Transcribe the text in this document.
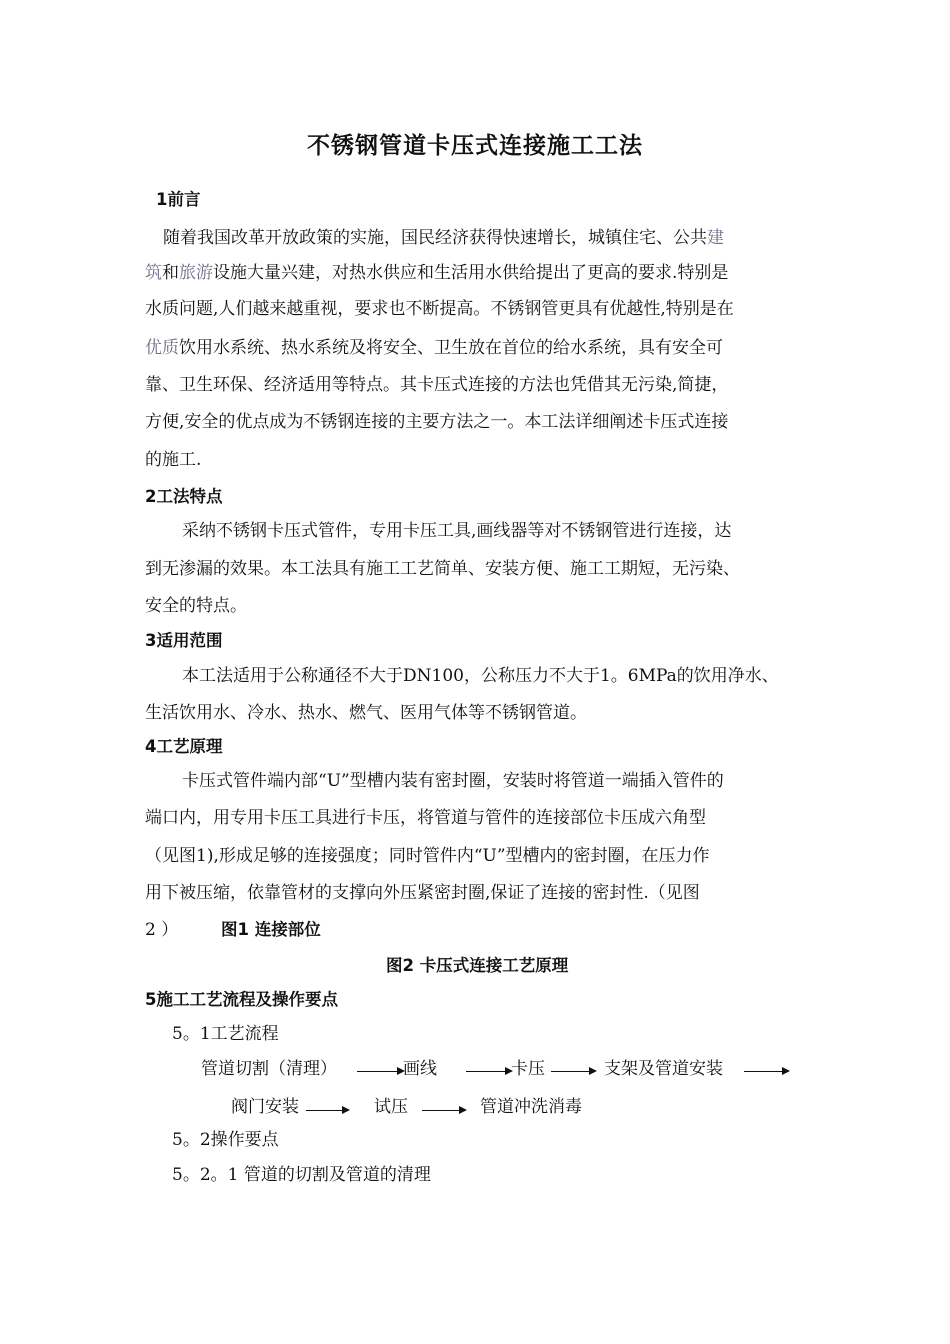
不锈钢管道卡压式连接施工工法
1前言
随着我国改革开放政策的实施，国民经济获得快速增长，城镇住宅、公共建
筑和旅游设施大量兴建，对热水供应和生活用水供给提出了更高的要求.特别是
水质问题,人们越来越重视，要求也不断提高。不锈钢管更具有优越性,特别是在
优质饮用水系统、热水系统及将安全、卫生放在首位的给水系统，具有安全可
靠、卫生环保、经济适用等特点。其卡压式连接的方法也凭借其无污染,简捷，
方便,安全的优点成为不锈钢连接的主要方法之一。本工法详细阐述卡压式连接
的施工.
2工法特点
采纳不锈钢卡压式管件，专用卡压工具,画线器等对不锈钢管进行连接，达
到无渗漏的效果。本工法具有施工工艺简单、安装方便、施工工期短，无污染、
安全的特点。
3适用范围
本工法适用于公称通径不大于DN100，公称压力不大于1。6MPa的饮用净水、
生活饮用水、冷水、热水、燃气、医用气体等不锈钢管道。
4工艺原理
卡压式管件端内部“U”型槽内装有密封圈，安装时将管道一端插入管件的
端口内，用专用卡压工具进行卡压，将管道与管件的连接部位卡压成六角型
（见图1),形成足够的连接强度；同时管件内“U”型槽内的密封圈，在压力作
用下被压缩，依靠管材的支撑向外压紧密封圈,保证了连接的密封性.（见图
2 ）	图1 连接部位
图2 卡压式连接工艺原理
5施工工艺流程及操作要点
5。1工艺流程
管道切割（清理）	画线	卡压	支架及管道安装
阀门安装	试压	管道冲洗消毒
5。2操作要点
5。2。1 管道的切割及管道的清理
